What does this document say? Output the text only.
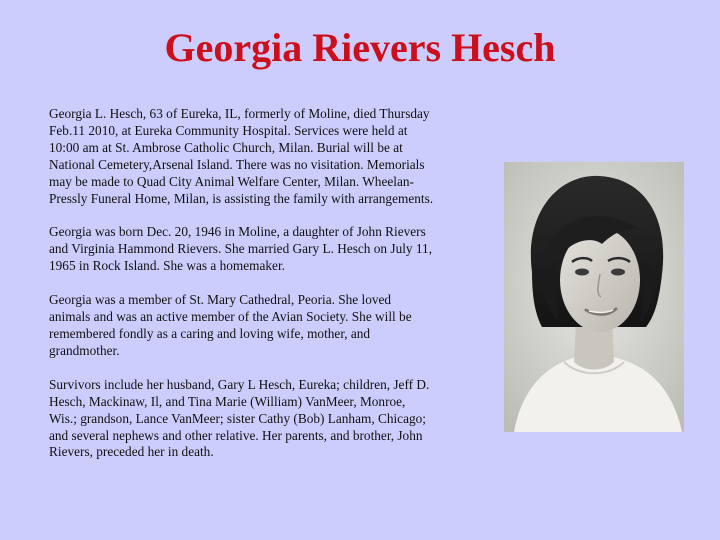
Georgia Rievers Hesch

Georgia L. Hesch, 63 of Eureka, IL, formerly of Moline, died Thursday Feb.11 2010, at Eureka Community Hospital. Services were held at 10:00 am at St. Ambrose Catholic Church, Milan. Burial will be at National Cemetery,Arsenal Island. There was no visitation. Memorials may be made to Quad City Animal Welfare Center, Milan. Wheelan-Pressly Funeral Home, Milan, is assisting the family with arrangements.

Georgia was born Dec. 20, 1946 in Moline, a daughter of John Rievers and Virginia Hammond Rievers. She married Gary L. Hesch on July 11, 1965 in Rock Island. She was a homemaker.

Georgia was a member of St. Mary Cathedral, Peoria. She loved animals and was an active member of the Avian Society. She will be remembered fondly as a caring and loving wife, mother, and grandmother.

Survivors include her husband, Gary L Hesch, Eureka; children, Jeff D. Hesch, Mackinaw, Il, and Tina Marie (William) VanMeer, Monroe, Wis.; grandson, Lance VanMeer; sister Cathy (Bob) Lanham, Chicago; and several nephews and other relative. Her parents, and brother, John Rievers, preceded her in death.
